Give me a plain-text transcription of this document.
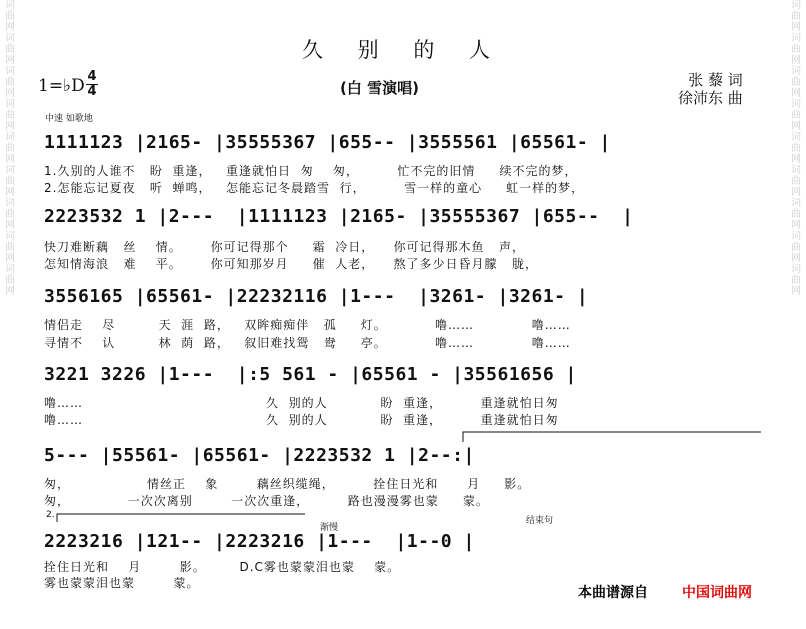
词曲网 词曲网 词曲网 词曲网 词曲网 词曲网 词曲网 词曲网 词曲网
词曲网 词曲网 词曲网 词曲网 词曲网 词曲网 词曲网 词曲网 词曲网
久 别 的 人
1=♭D 4
4	(白 雪演唱)	张 藜 词
徐沛东 曲
中速 如歌地
1111123 |2165- |35555367 |655-- |3555561 |65561- |
1.久别的人谁不   盼  重逢，   重逢就怕日  匆    匆，        忙不完的旧情     续不完的梦，
2.怎能忘记夏夜   听  蝉鸣，   怎能忘记冬晨踏雪  行，        雪一样的童心     虹一样的梦，
2223532 1 |2---  |1111123 |2165- |35555367 |655--  |
快刀难断藕   丝    情。      你可记得那个     霜  冷日，    你可记得那木鱼   声，
怎知情海浪   难    平。      你可知那岁月     催  人老，    熬了多少日昏月朦   胧，
3556165 |65561- |22232116 |1---  |3261- |3261- |
情侣走    尽         天  涯  路，   双眸痴痴伴   孤     灯。          噜……            噜……
寻情不    认         林  荫  路，   叙旧难找鸳   鸯     亭。          噜……            噜……
3221 3226 |1---  |:5 561 - |65561 - |35561656 |
噜……                                      久  别的人           盼  重逢，        重逢就怕日匆
噜……                                      久  别的人           盼  重逢，        重逢就怕日匆
5--- |55561- |65561- |2223532 1 |2--:|
匆，                情丝正    象        藕丝织缆绳，        拴住日光和      月     影。
匆，            一次次离别        一次次重逢，        路也漫漫雾也蒙     蒙。
2.
渐慢
结束句
2223216 |121-- |2223216 |1---  |1--0 |
拴住日光和    月        影。       D.C雾也蒙蒙泪也蒙    蒙。
雾也蒙蒙泪也蒙        蒙。
本曲谱源自 中国词曲网
